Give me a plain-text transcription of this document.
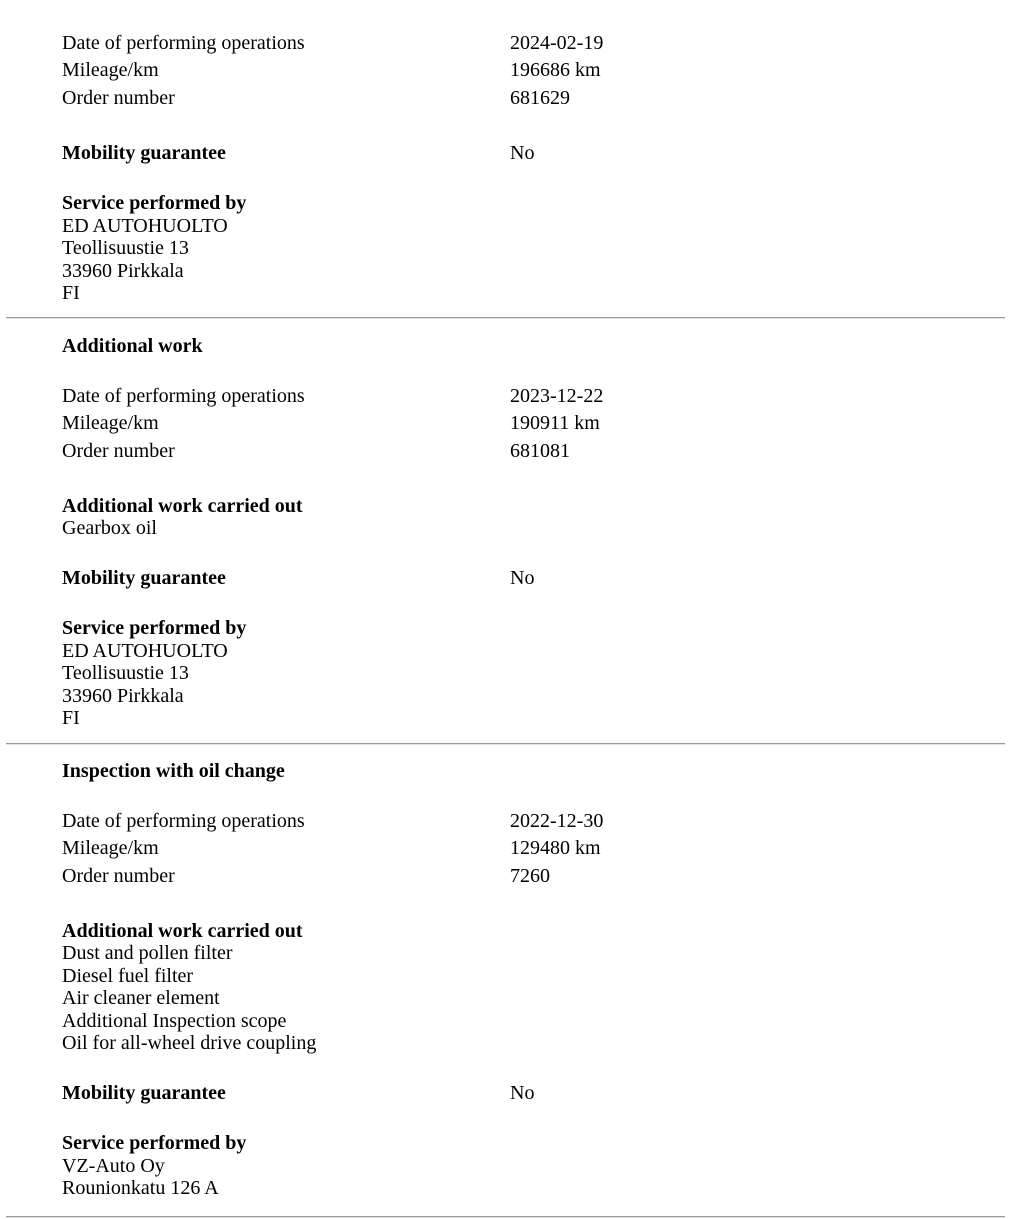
Date of performing operations	2024-02-19
Mileage/km	196686 km
Order number	681629
Mobility guarantee	No
Service performed by
ED AUTOHUOLTO
Teollisuustie 13
33960 Pirkkala
FI
Additional work
Date of performing operations	2023-12-22
Mileage/km	190911 km
Order number	681081
Additional work carried out
Gearbox oil
Mobility guarantee	No
Service performed by
ED AUTOHUOLTO
Teollisuustie 13
33960 Pirkkala
FI
Inspection with oil change
Date of performing operations	2022-12-30
Mileage/km	129480 km
Order number	7260
Additional work carried out
Dust and pollen filter
Diesel fuel filter
Air cleaner element
Additional Inspection scope
Oil for all-wheel drive coupling
Mobility guarantee	No
Service performed by
VZ-Auto Oy
Rounionkatu 126 A
